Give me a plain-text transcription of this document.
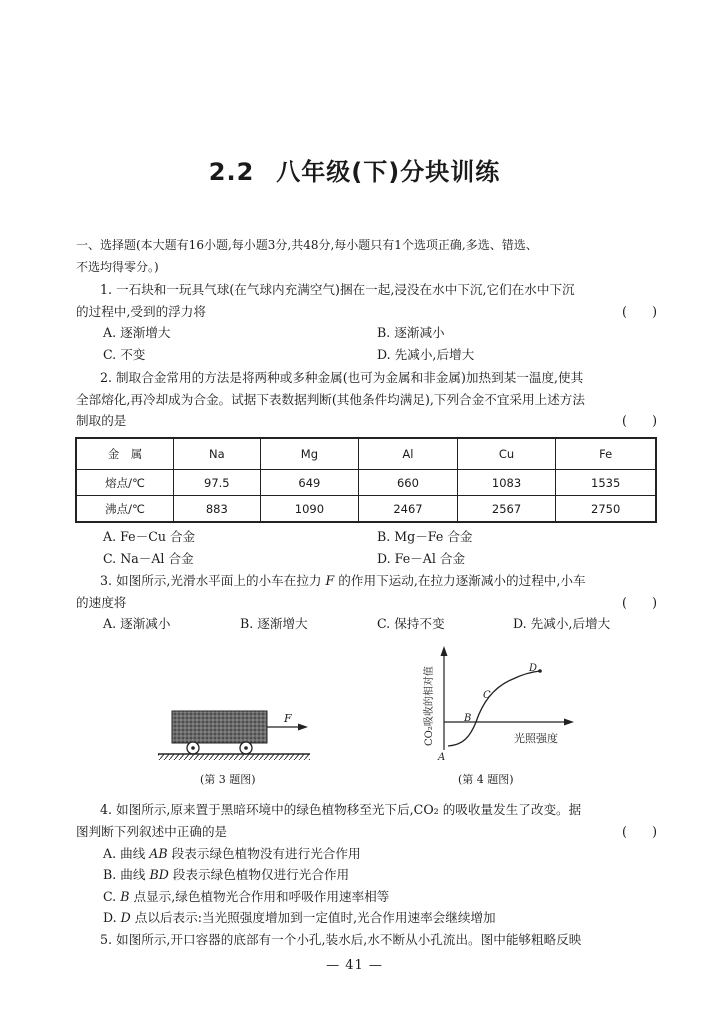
2.2 八年级(下)分块训练
一、选择题(本大题有16小题,每小题3分,共48分,每小题只有1个选项正确,多选、错选、
不选均得零分。)
1. 一石块和一玩具气球(在气球内充满空气)捆在一起,浸没在水中下沉,它们在水中下沉
的过程中,受到的浮力将	(　　)
A. 逐渐增大	B. 逐渐减小
C. 不变	D. 先减小,后增大
2. 制取合金常用的方法是将两种或多种金属(也可为金属和非金属)加热到某一温度,使其
全部熔化,再冷却成为合金。试据下表数据判断(其他条件均满足),下列合金不宜采用上述方法
制取的是	(　　)
金　属	Na	Mg	Al	Cu	Fe
熔点/℃	97.5	649	660	1083	1535
沸点/℃	883	1090	2467	2567	2750
A. Fe－Cu 合金	B. Mg－Fe 合金
C. Na－Al 合金	D. Fe－Al 合金
3. 如图所示,光滑水平面上的小车在拉力 F 的作用下运动,在拉力逐渐减小的过程中,小车
的速度将	(　　)
A. 逐渐减小	B. 逐渐增大	C. 保持不变	D. 先减小,后增大
F
(第 3 题图)
A
B
C
D
光照强度
CO₂吸收的相对值
(第 4 题图)
4. 如图所示,原来置于黑暗环境中的绿色植物移至光下后,CO₂ 的吸收量发生了改变。据
图判断下列叙述中正确的是	(　　)
A. 曲线 AB 段表示绿色植物没有进行光合作用
B. 曲线 BD 段表示绿色植物仅进行光合作用
C. B 点显示,绿色植物光合作用和呼吸作用速率相等
D. D 点以后表示:当光照强度增加到一定值时,光合作用速率会继续增加
5. 如图所示,开口容器的底部有一个小孔,装水后,水不断从小孔流出。图中能够粗略反映
— 41 —
